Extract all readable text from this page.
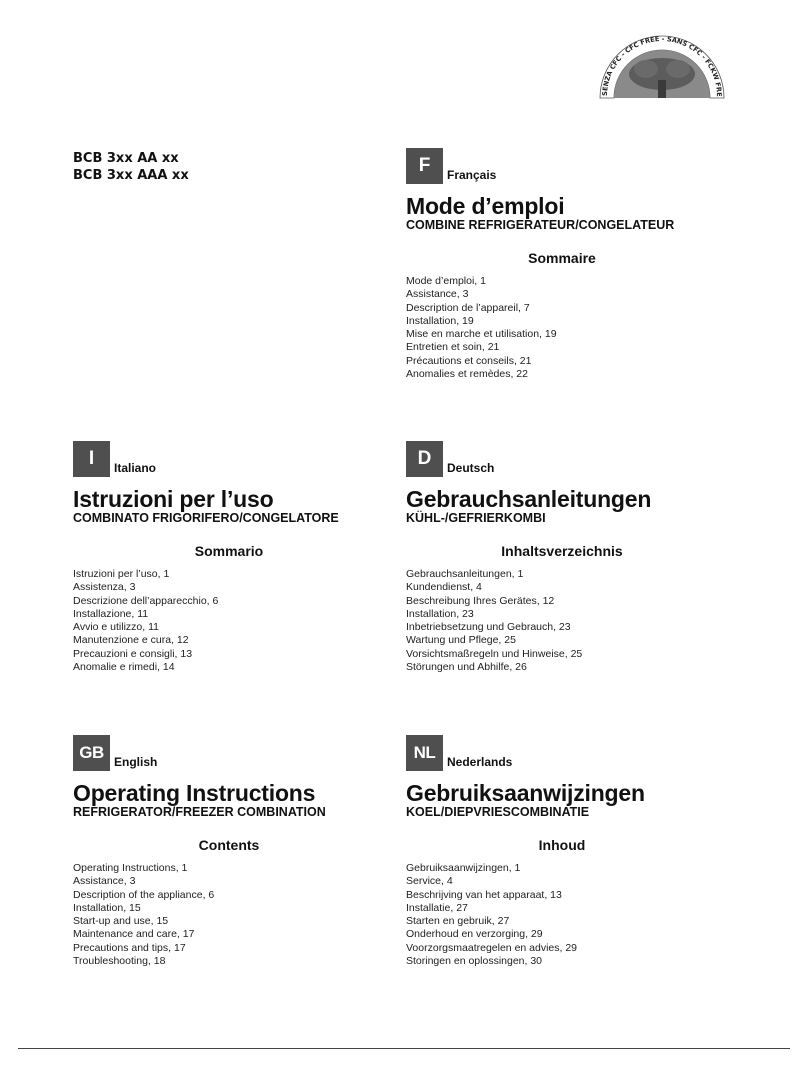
SENZA CFC - CFC FREE - SANS CFC - FCKW FRE
BCB 3xx AA xx
BCB 3xx AAA xx	F	Français
Mode d’emploi
COMBINE REFRIGERATEUR/CONGELATEUR
Sommaire
Mode d’emploi, 1
Assistance, 3
Description de l’appareil, 7
Installation, 19
Mise en marche et utilisation, 19
Entretien et soin, 21
Précautions et conseils, 21
Anomalies et remèdes, 22
I	Italiano
Istruzioni per l’uso
COMBINATO FRIGORIFERO/CONGELATORE
Sommario
Istruzioni per l’uso, 1
Assistenza, 3
Descrizione dell’apparecchio, 6
Installazione, 11
Avvio e utilizzo, 11
Manutenzione e cura, 12
Precauzioni e consigli, 13
Anomalie e rimedi, 14
D	Deutsch
Gebrauchsanleitungen
KÜHL-/GEFRIERKOMBI
Inhaltsverzeichnis
Gebrauchsanleitungen, 1
Kundendienst, 4
Beschreibung Ihres Gerätes, 12
Installation, 23
Inbetriebsetzung und Gebrauch, 23
Wartung und Pflege, 25
Vorsichtsmaßregeln und Hinweise, 25
Störungen und Abhilfe, 26
GB English
Operating Instructions
REFRIGERATOR/FREEZER COMBINATION
Contents
Operating Instructions, 1
Assistance, 3
Description of the appliance, 6
Installation, 15
Start-up and use, 15
Maintenance and care, 17
Precautions and tips, 17
Troubleshooting, 18
NL Nederlands
Gebruiksaanwijzingen
KOEL/DIEPVRIESCOMBINATIE
Inhoud
Gebruiksaanwijzingen, 1
Service, 4
Beschrijving van het apparaat, 13
Installatie, 27
Starten en gebruik, 27
Onderhoud en verzorging, 29
Voorzorgsmaatregelen en advies, 29
Storingen en oplossingen, 30
